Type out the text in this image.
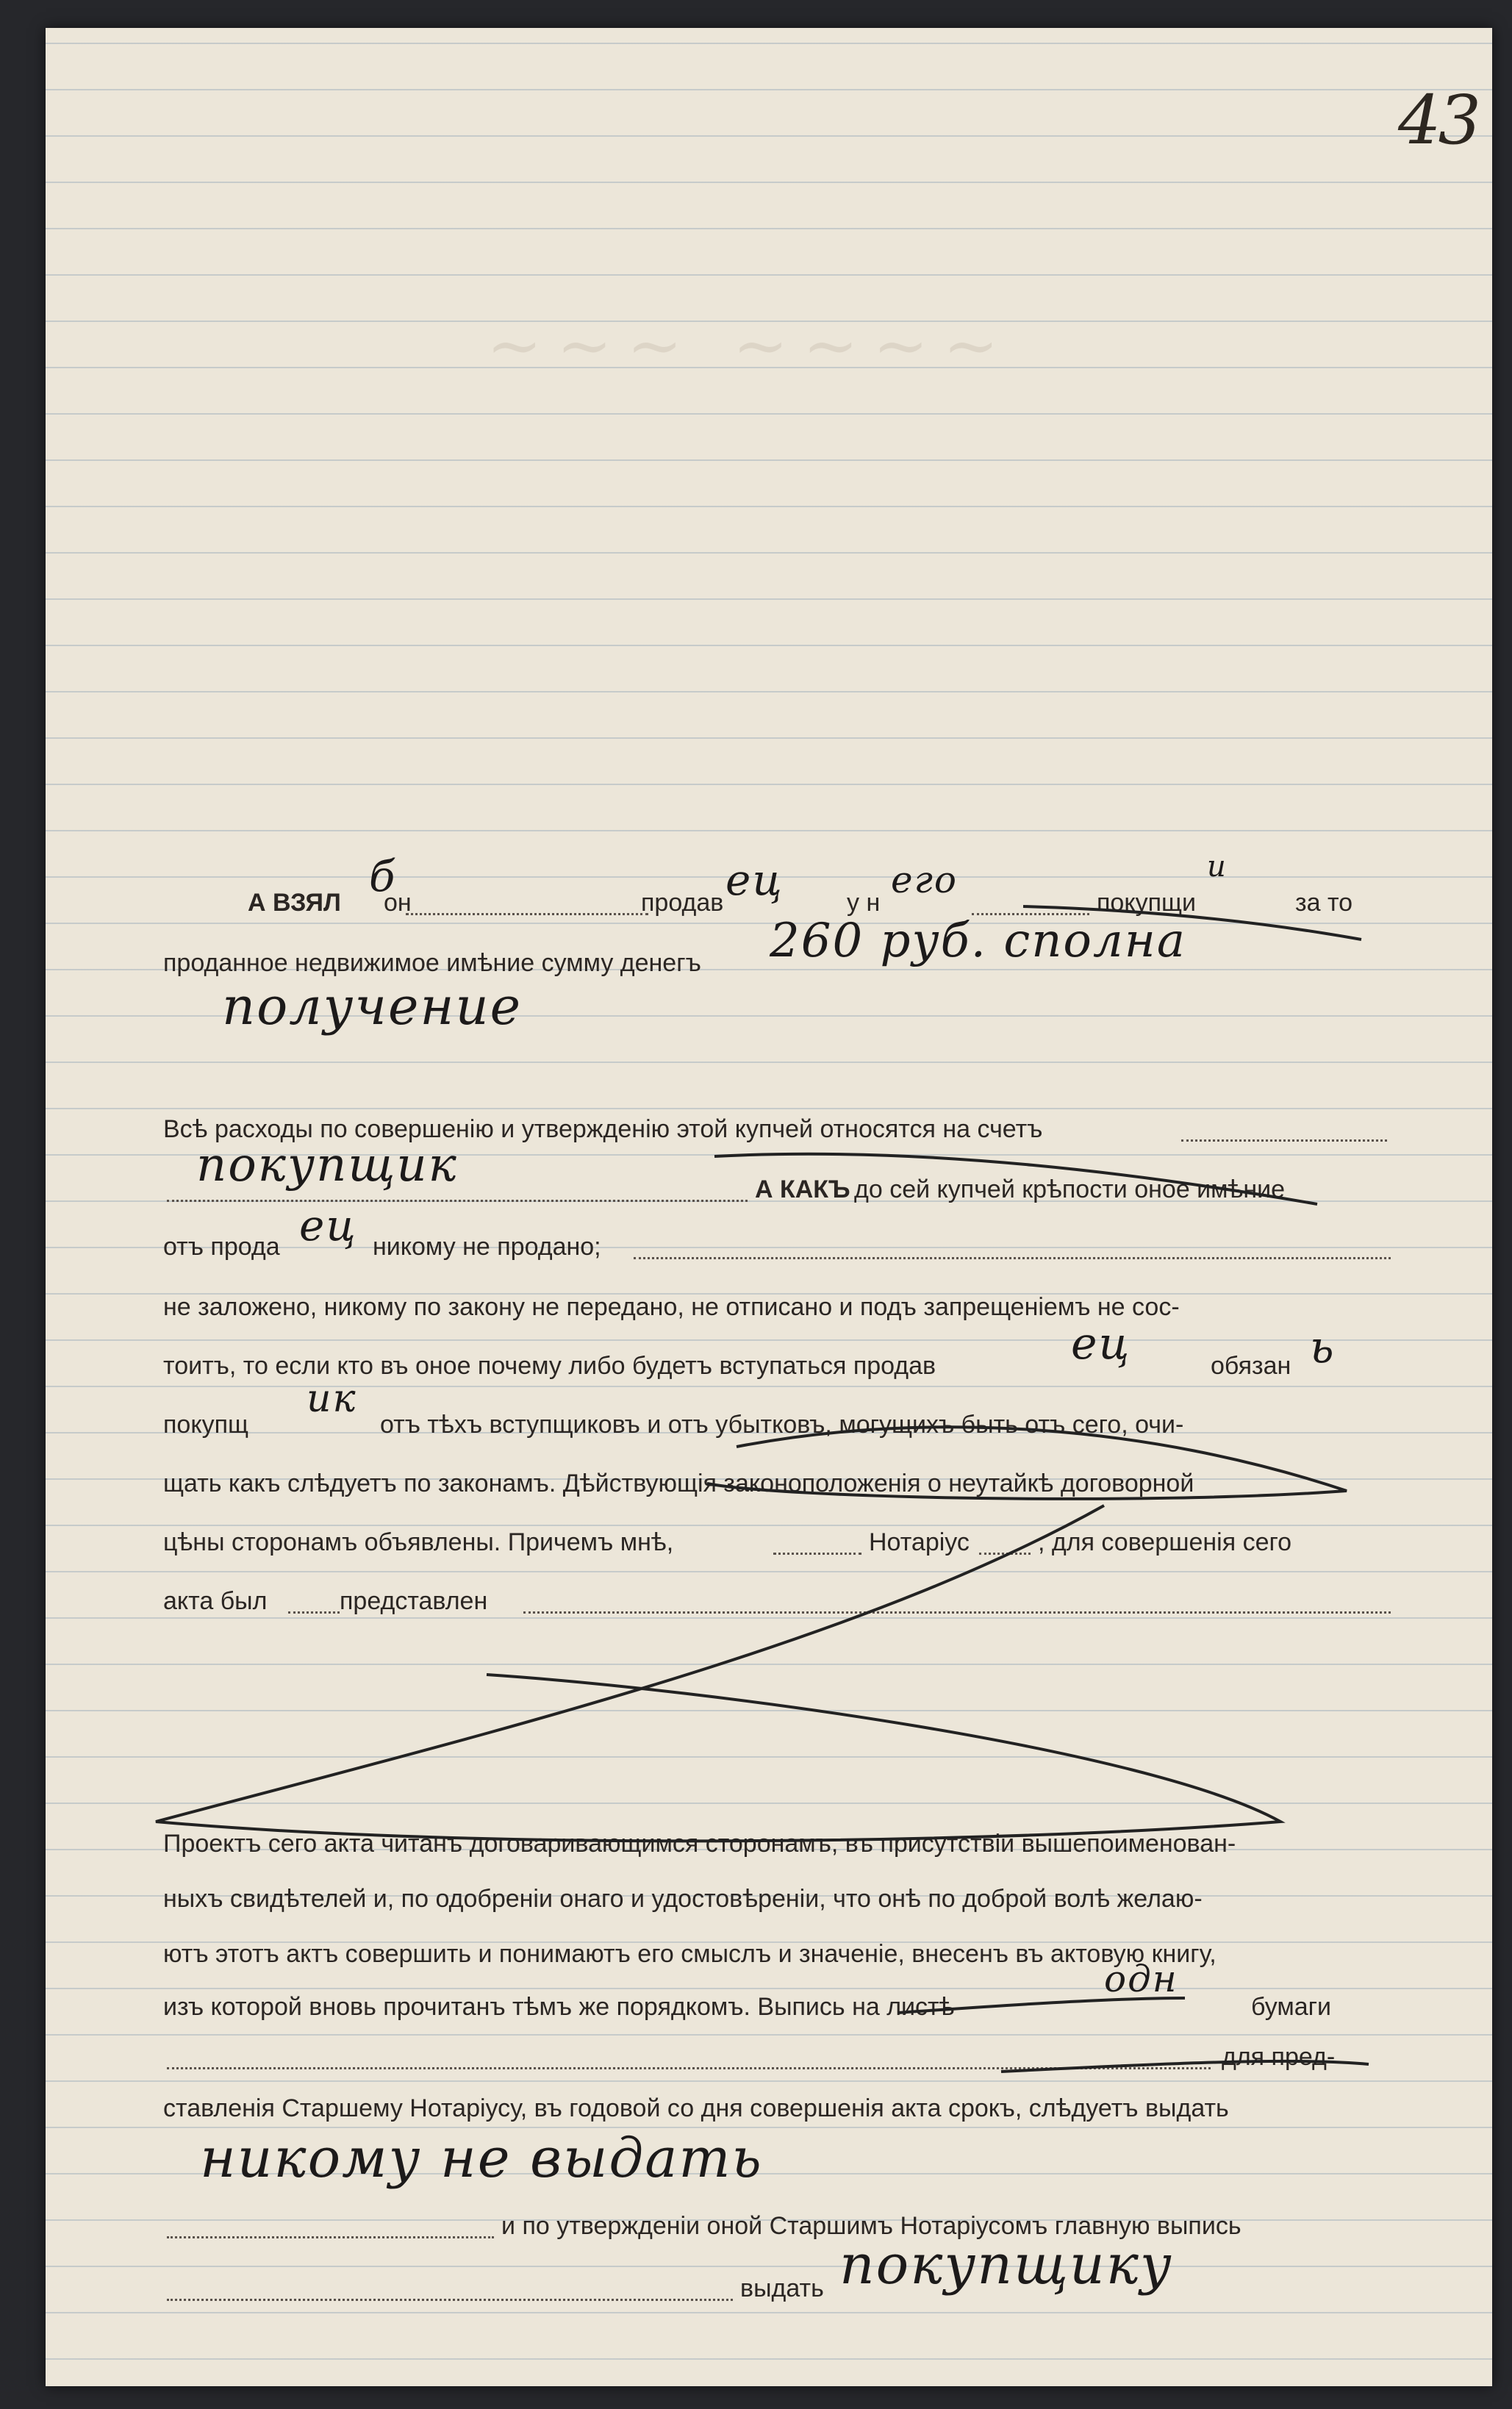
43
~~~ ~~~~
А ВЗЯЛ он	продав	у н	покупщи	за то
б	ец	его	и
проданное недвижимое имѣние сумму денегъ 260 руб. сполна
получение
Всѣ расходы по совершенію и утвержденію этой купчей относятся на счетъ
А КАКЪ до сей купчей крѣпости оное имѣние
покупщик
отъ прода	никому не продано;
ец
не заложено, никому по закону не передано, не отписано и подъ запрещеніемъ не сос-
тоитъ, то если кто въ оное почему либо будетъ вступаться продав	обязан
ец	ь
покупщ	отъ тѣхъ вступщиковъ и отъ убытковъ, могущихъ быть отъ сего, очи-
ик
щать какъ слѣдуетъ по законамъ. Дѣйствующія законоположенія о неутайкѣ договорной
цѣны сторонамъ объявлены. Причемъ мнѣ,	Нотаріус	, для совершенія сего
акта был	представлен
Проектъ сего акта читанъ договаривающимся сторонамъ, въ присутствіи вышепоименован-
ныхъ свидѣтелей и, по одобреніи онаго и удостовѣреніи, что онѣ по доброй волѣ желаю-
ютъ этотъ актъ совершить и понимаютъ его смыслъ и значеніе, внесенъ въ актовую книгу,
изъ которой вновь прочитанъ тѣмъ же порядкомъ. Выпись на листѣ	бумаги
одн
для пред-
ставленія Старшему Нотаріусу, въ годовой со дня совершенія акта срокъ, слѣдуетъ выдать
никому не выдать
и по утвержденіи оной Старшимъ Нотаріусомъ главную выпись
выдать покупщику
